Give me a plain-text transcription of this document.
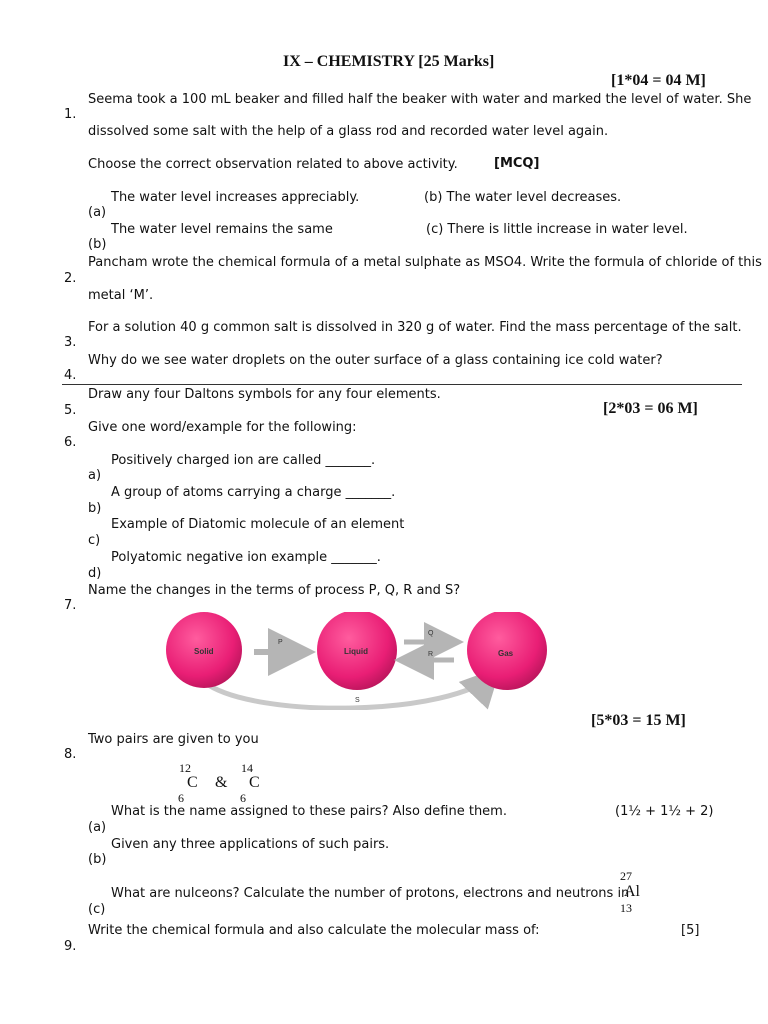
IX – CHEMISTRY [25 Marks]
[1*04 = 04 M]
Seema took a 100 mL beaker and filled half the beaker with water and marked the level of water. She
1.
dissolved some salt with the help of a glass rod and recorded water level again.
Choose the correct observation related to above activity.	[MCQ]
The water level increases appreciably.	(b) The water level decreases.
(a)
The water level remains the same	(c) There is little increase in water level.
(b)
Pancham wrote the chemical formula of a metal sulphate as MSO4. Write the formula of chloride of this
2.
metal ‘M’.
For a solution 40 g common salt is dissolved in 320 g of water. Find the mass percentage of the salt.
3.
Why do we see water droplets on the outer surface of a glass containing ice cold water?
4.
Draw any four Daltons symbols for any four elements.
5.	[2*03 = 06 M]
Give one word/example for the following:
6.
Positively charged ion are called _______.
a)
A group of atoms carrying a charge _______.
b)
Example of Diatomic molecule of an element
c)
Polyatomic negative ion example _______.
d)
Name the changes in the terms of process P, Q, R and S?
7.
Solid	Liquid	Gas
P
Q
R
S
[5*03 = 15 M]
Two pairs are given to you
8.
12
C
6
&
14
C
6
What is the name assigned to these pairs? Also define them.	(1½ + 1½ + 2)
(a)
Given any three applications of such pairs.
(b)
27
What are nulceons? Calculate the number of protons, electrons and neutrons in
Al
13
(c)
Write the chemical formula and also calculate the molecular mass of:	[5]
9.
